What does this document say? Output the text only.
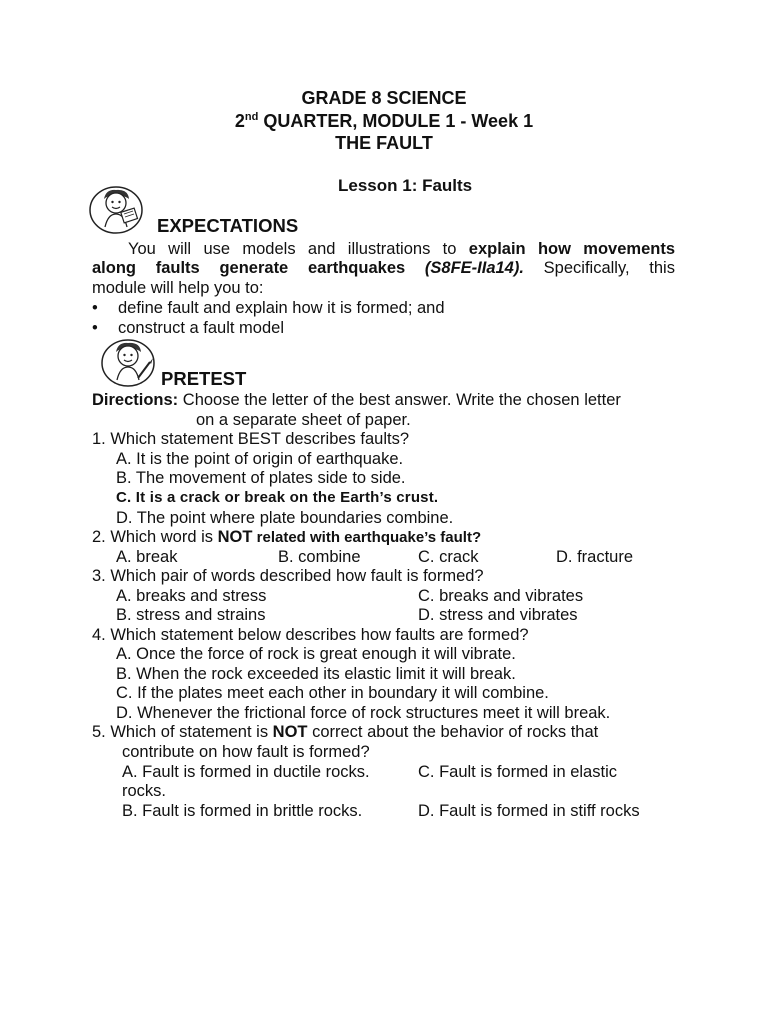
GRADE 8 SCIENCE
2nd QUARTER, MODULE 1 - Week 1
THE FAULT
Lesson 1: Faults
EXPECTATIONS
You will use models and illustrations to explain how movements
along faults generate earthquakes (S8FE-IIa14). Specifically, this
module will help you to:
• define fault and explain how it is formed; and
• construct a fault model
PRETEST
Directions: Choose the letter of the best answer. Write the chosen letter
on a separate sheet of paper.
1. Which statement BEST describes faults?
A. It is the point of origin of earthquake.
B. The movement of plates side to side.
C. It is a crack or break on the Earth’s crust.
D. The point where plate boundaries combine.
2. Which word is NOT related with earthquake’s fault?
A. break	B. combine	C. crack	D. fracture
3. Which pair of words described how fault is formed?
A. breaks and stress	C. breaks and vibrates
B. stress and strains	D. stress and vibrates
4. Which statement below describes how faults are formed?
A. Once the force of rock is great enough it will vibrate.
B. When the rock exceeded its elastic limit it will break.
C. If the plates meet each other in boundary it will combine.
D. Whenever the frictional force of rock structures meet it will break.
5. Which of statement is NOT correct about the behavior of rocks that
contribute on how fault is formed?
A. Fault is formed in ductile rocks.	C. Fault is formed in elastic
rocks.
B. Fault is formed in brittle rocks.	D. Fault is formed in stiff rocks
